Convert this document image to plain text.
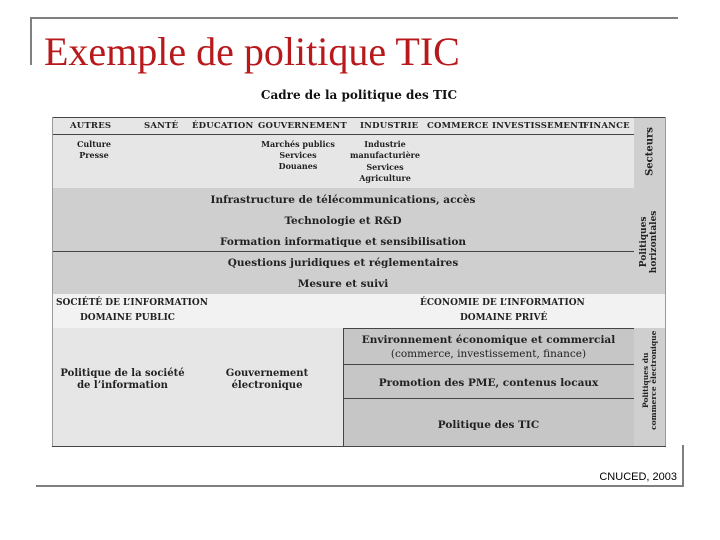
Exemple de politique TIC
CNUCED, 2003
Cadre de la politique des TIC
AUTRES	SANTÉ ÉDUCATION GOUVERNEMENT INDUSTRIE COMMERCE INVESTISSEMENT
FINANCE
Culture
Presse
Marchés publics
Services
Douanes
Industrie
manufacturière
Services
Agriculture
Secteurs
Infrastructure de télécommunications, accès
Technologie et R&D
Formation informatique et sensibilisation
Questions juridiques et réglementaires
Mesure et suivi
Politiques horizontales
SOCIÉTÉ DE L’INFORMATION
DOMAINE PUBLIC
ÉCONOMIE DE L’INFORMATION
DOMAINE PRIVÉ
Politique de la société
de l’information
Gouvernement
électronique
Environnement économique et commercial
(commerce, investissement, finance)
Promotion des PME, contenus locaux
Politique des TIC
Politiques du commerce électronique
